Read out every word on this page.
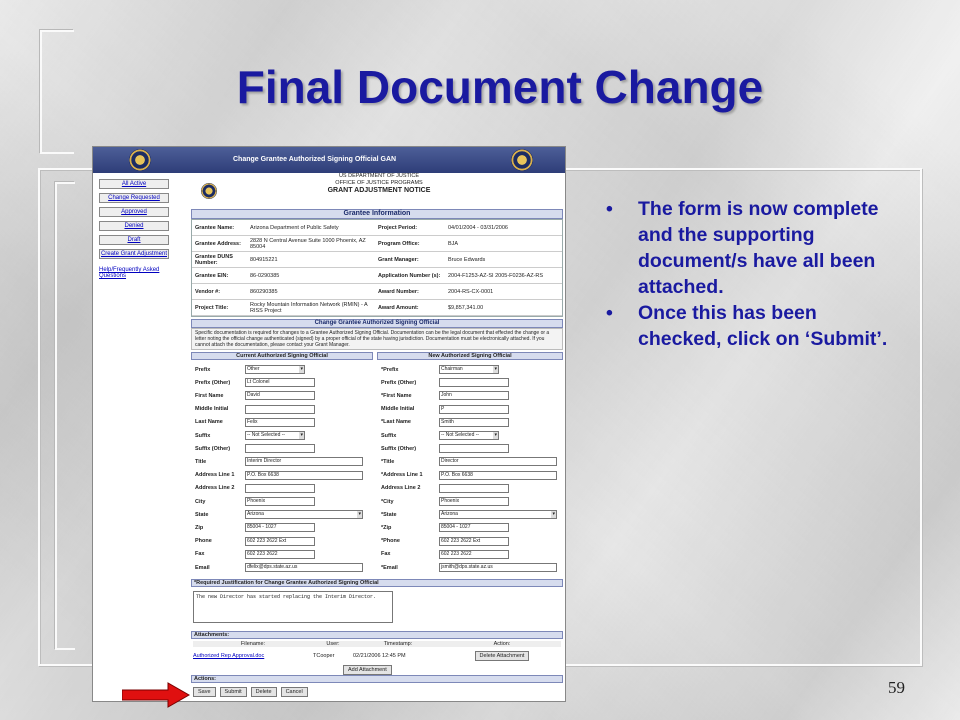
Final Document Change
Change Grantee Authorized Signing Official GAN
All Active
Change Requested
Approved
Denied
Draft
Create Grant Adjustment
Help/Frequently Asked Questions
US DEPARTMENT OF JUSTICE
OFFICE OF JUSTICE PROGRAMS
GRANT ADJUSTMENT NOTICE
Grantee Information
Grantee Name:	Arizona Department of Public Safety	Project Period:	04/01/2004 - 03/31/2006
Grantee Address:	2828 N Central Avenue Suite 1000 Phoenix, AZ 85004	Program Office:	BJA
Grantee DUNS Number:	804915221	Grant Manager:	Bruce Edwards
Grantee EIN:	86-0290385	Application Number (s):	2004-F1253-AZ-SI 2005-F0236-AZ-RS
Vendor #:	860290385	Award Number:	2004-RS-CX-0001
Project Title:	Rocky Mountain Information Network (RMIN) - A RISS Project	Award Amount:	$9,857,341.00
Change Grantee Authorized Signing Official
Specific documentation is required for changes to a Grantee Authorized Signing Official. Documentation can be the legal document that effected the change or a letter noting the official change authenticated (signed) by a proper official of the state having jurisdiction. Documentation must be electronically attached. If you cannot attach the documentation, please contact your Grant Manager.
Current Authorized Signing Official	New Authorized Signing Official
Prefix	Other ▾
Prefix (Other)	Lt Colonel
First Name	David
Middle Initial
Last Name	Felix
Suffix	-- Not Selected -- ▾
Suffix (Other)
Title	Interim Director
Address Line 1	P.O. Box 6638
Address Line 2
City	Phoenix
State	Arizona ▾
Zip	85004 - 1027
Phone	602 223 2622 Ext
Fax	602 223 2622
Email	dfelix@dps.state.az.us
*Prefix	Chairman ▾
Prefix (Other)
*First Name	John
Middle Initial	P
*Last Name	Smith
Suffix	-- Not Selected -- ▾
Suffix (Other)
*Title	Director
*Address Line 1	P.O. Box 6638
Address Line 2
*City	Phoenix
*State	Arizona ▾
*Zip	85004 - 1027
*Phone	602 223 2622 Ext
Fax	602 223 2622
*Email	jsmith@dps.state.az.us
*Required Justification for Change Grantee Authorized Signing Official
The new Director has started replacing the Interim Director.
Attachments:
Filename:	User:	Timestamp:	Action:
Authorized Rep Approval.doc	TCooper	02/21/2006 12:45 PM	Delete Attachment
Add Attachment
Actions:
Save	Submit	Delete	Cancel
• The form is now complete and the supporting document/s have all been attached.
• Once this has been checked, click on ‘Submit’.
59
